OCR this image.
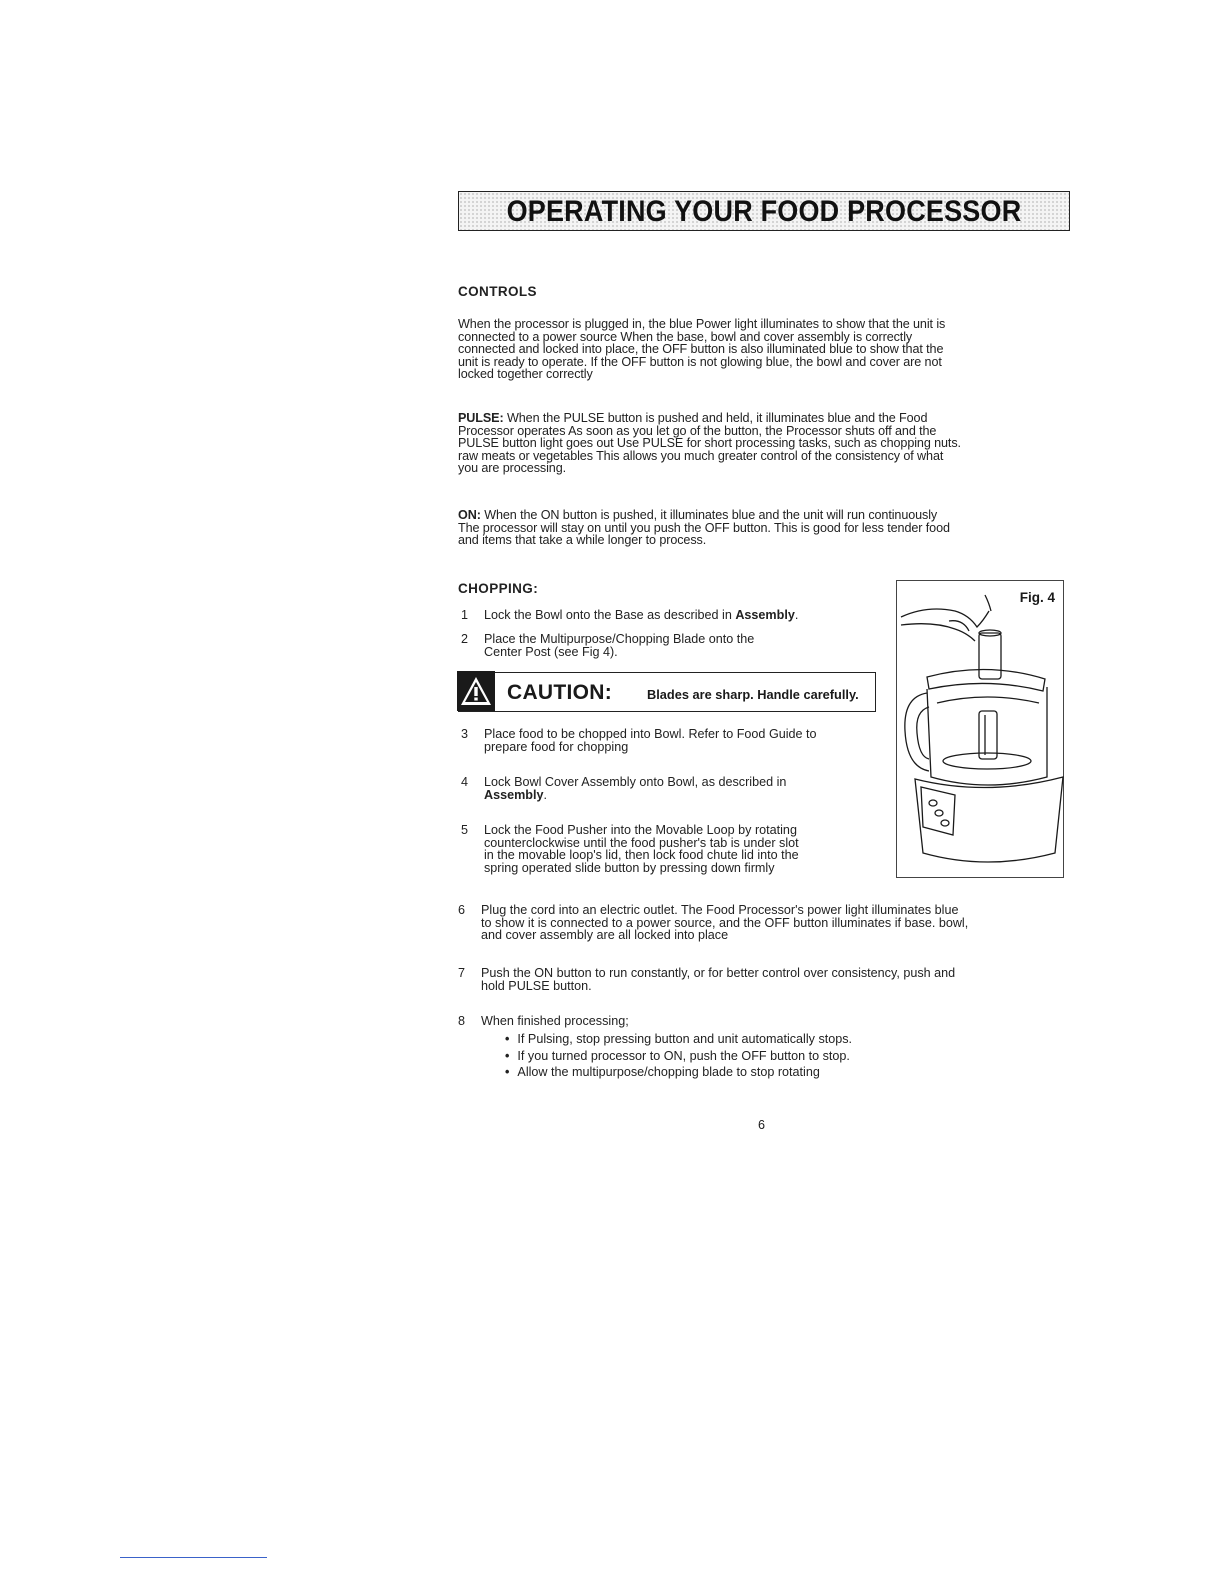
OPERATING YOUR FOOD PROCESSOR
CONTROLS
When the processor is plugged in, the blue Power light illuminates to show that the unit is
connected to a power source When the base, bowl and cover assembly is correctly
connected and locked into place, the OFF button is also illuminated blue to show that the
unit is ready to operate. If the OFF button is not glowing blue, the bowl and cover are not
locked together correctly
PULSE: When the PULSE button is pushed and held, it illuminates blue and the Food
Processor operates As soon as you let go of the button, the Processor shuts off and the
PULSE button light goes out Use PULSE for short processing tasks, such as chopping nuts.
raw meats or vegetables This allows you much greater control of the consistency of what
you are processing.
ON: When the ON button is pushed, it illuminates blue and the unit will run continuously
The processor will stay on until you push the OFF button. This is good for less tender food
and items that take a while longer to process.
CHOPPING:
1 Lock the Bowl onto the Base as described in Assembly.
2 Place the Multipurpose/Chopping Blade onto the
Center Post (see Fig 4).
CAUTION:	Blades are sharp. Handle carefully.
3 Place food to be chopped into Bowl. Refer to Food Guide to
prepare food for chopping
4 Lock Bowl Cover Assembly onto Bowl, as described in
Assembly.
5 Lock the Food Pusher into the Movable Loop by rotating
counterclockwise until the food pusher's tab is under slot
in the movable loop's lid, then lock food chute lid into the
spring operated slide button by pressing down firmly
6 Plug the cord into an electric outlet. The Food Processor's power light illuminates blue
to show it is connected to a power source, and the OFF button illuminates if base. bowl,
and cover assembly are all locked into place
7 Push the ON button to run constantly, or for better control over consistency, push and
hold PULSE button.
8 When finished processing;
• If Pulsing, stop pressing button and unit automatically stops.
• If you turned processor to ON, push the OFF button to stop.
• Allow the multipurpose/chopping blade to stop rotating
Fig. 4
6
